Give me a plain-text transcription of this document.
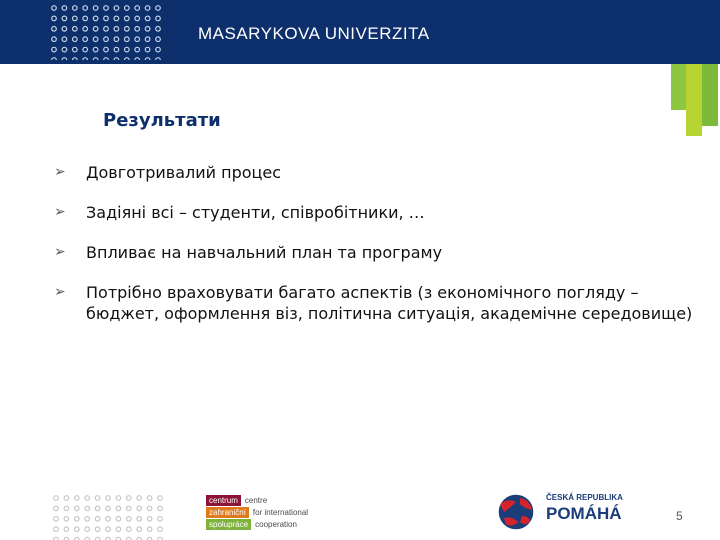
MASARYKOVA UNIVERZITA
Результати
➢ Довготривалий процес
➢ Задіяні всі – студенти, співробітники, …
➢ Впливає на навчальний план та програму
➢ Потрібно враховувати багато аспектів (з економічного погляду – бюджет, оформлення віз, політична ситуація, академічне середовище)
centrum centre
zahraniční for international
spolupráce cooperation
ČESKÁ REPUBLIKA
POMÁHÁ	5
